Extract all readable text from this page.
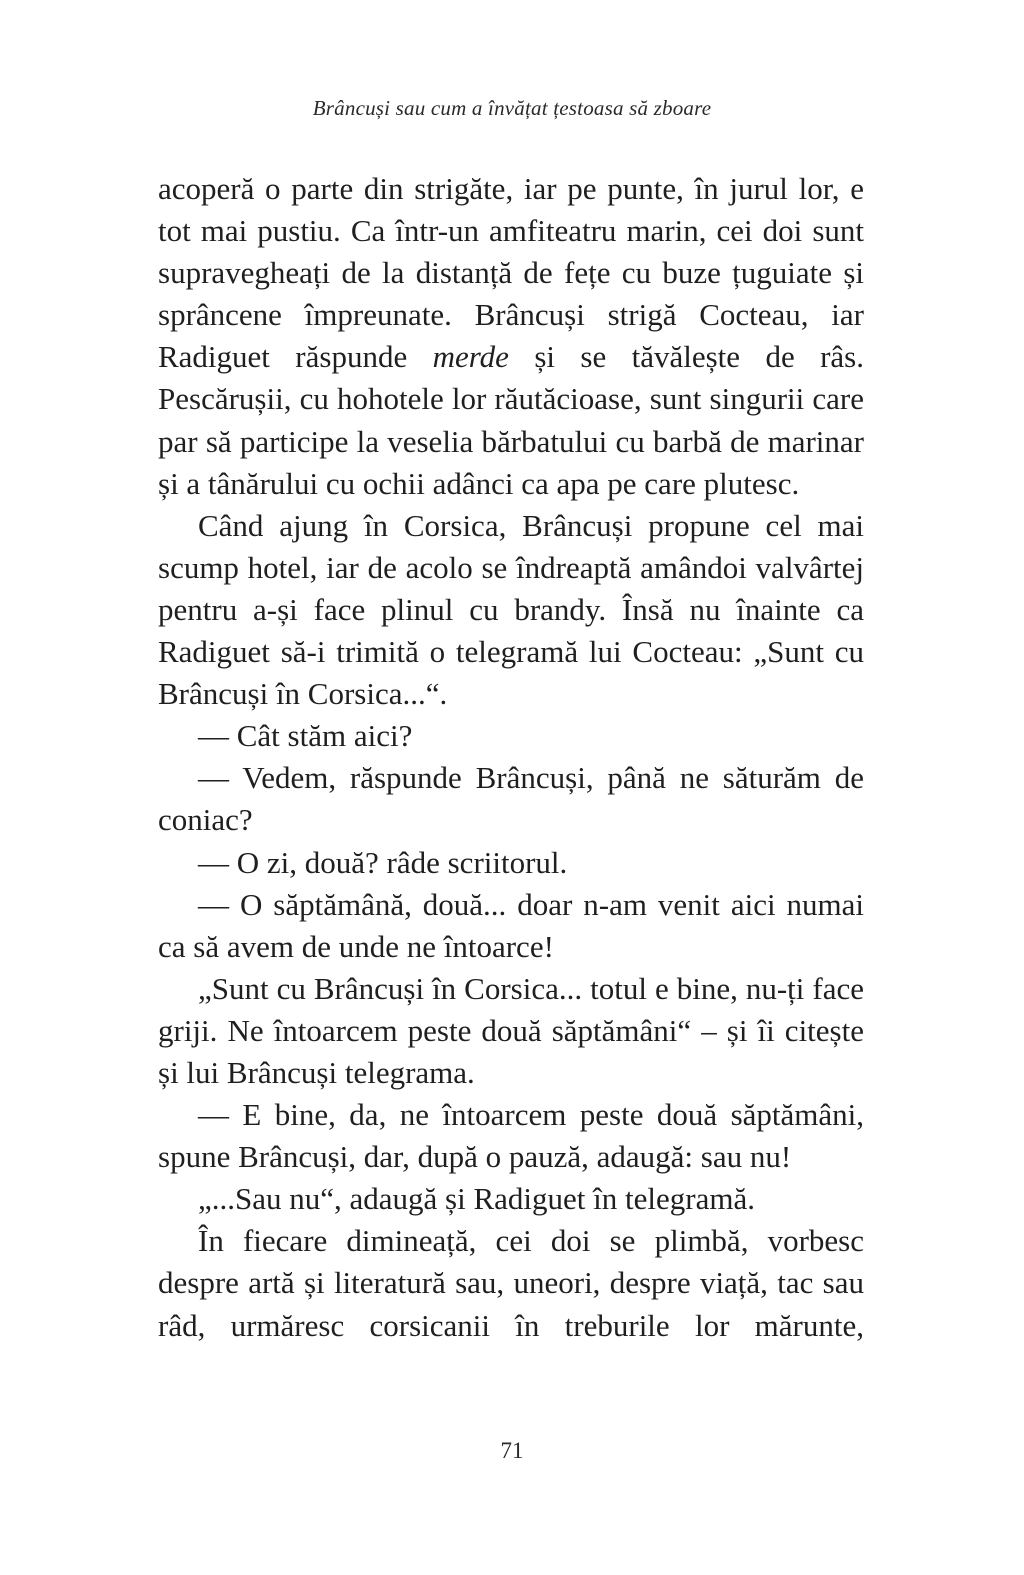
Brâncuși sau cum a învățat țestoasa să zboare

acoperă o parte din strigăte, iar pe punte, în jurul lor, e tot mai pustiu. Ca într-un amfiteatru marin, cei doi sunt supravegheați de la distanță de fețe cu buze țuguiate și sprâncene împreunate. Brâncuși strigă Cocteau, iar Radiguet răspunde merde și se tăvălește de râs. Pescărușii, cu hohotele lor răutăcioase, sunt singurii care par să participe la veselia bărbatului cu barbă de marinar și a tânărului cu ochii adânci ca apa pe care plutesc.

Când ajung în Corsica, Brâncuși propune cel mai scump hotel, iar de acolo se îndreaptă amândoi valvârtej pentru a-și face plinul cu brandy. Însă nu înainte ca Radiguet să-i trimită o telegramă lui Cocteau: „Sunt cu Brâncuși în Corsica...“.

— Cât stăm aici?

— Vedem, răspunde Brâncuși, până ne săturăm de coniac?

— O zi, două? râde scriitorul.

— O săptămână, două... doar n-am venit aici numai ca să avem de unde ne întoarce!

„Sunt cu Brâncuși în Corsica... totul e bine, nu-ți face griji. Ne întoarcem peste două săptămâni“ – și îi citește și lui Brâncuși telegrama.

— E bine, da, ne întoarcem peste două săptămâni, spune Brâncuși, dar, după o pauză, adaugă: sau nu!

„...Sau nu“, adaugă și Radiguet în telegramă.

În fiecare dimineață, cei doi se plimbă, vorbesc despre artă și literatură sau, uneori, despre viață, tac sau râd, urmăresc corsicanii în treburile lor mărunte,

71
